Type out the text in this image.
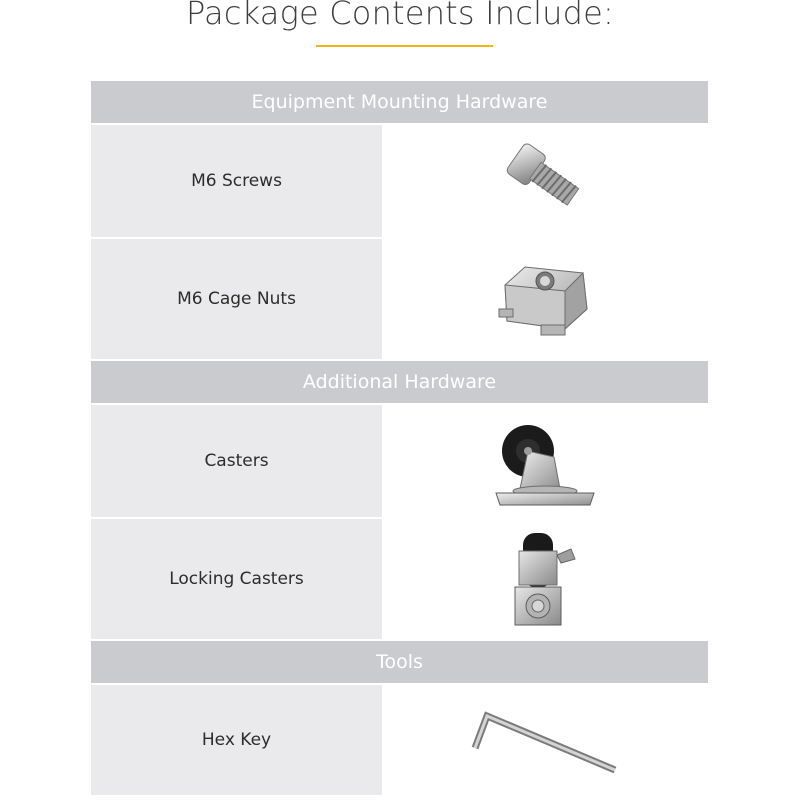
Package Contents Include:
Equipment Mounting Hardware
M6 Screws
M6 Cage Nuts
Additional Hardware
Casters
Locking Casters
Tools
Hex Key
